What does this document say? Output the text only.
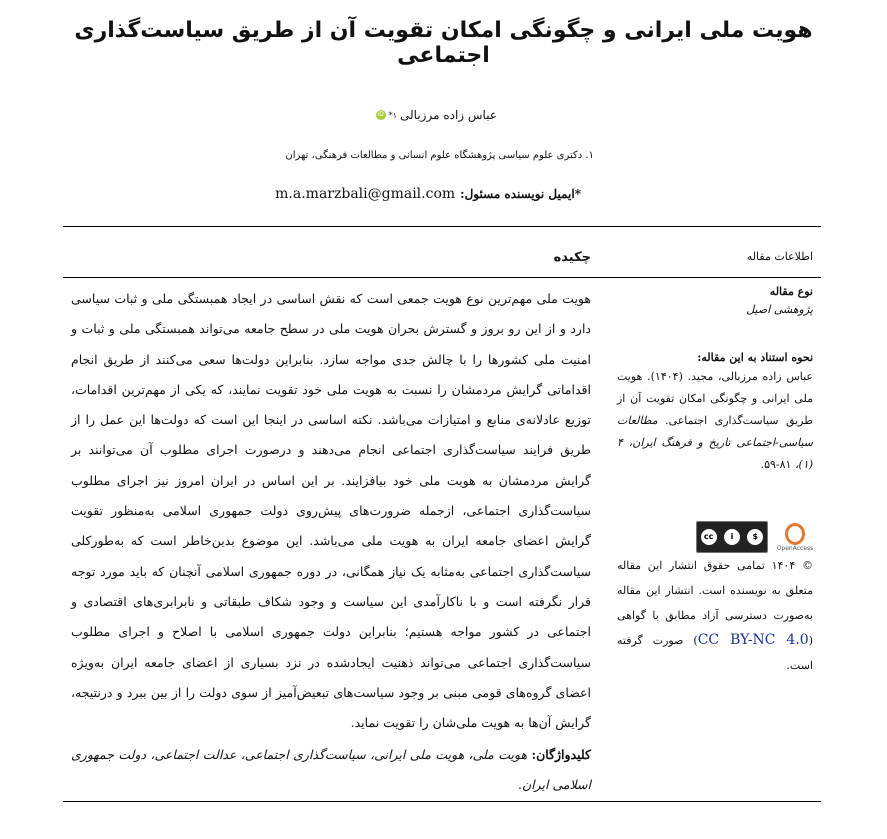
هویت ملی ایرانی و چگونگی امکان تقویت آن از طریق سیاست‌گذاری اجتماعی
عباس زاده مرزبالی
۱*
iD
۱. دکتری علوم سیاسی پژوهشگاه علوم انسانی و مطالعات فرهنگی، تهران
*ایمیل نویسنده مسئول:
m.a.marzbali@gmail.com
اطلاعات مقاله
چکیده
نوع مقاله
پژوهشی اصیل
نحوه استناد به این مقاله:
عباس زاده مرزبالی، مجید. (۱۴۰۴). هویت ملی ایرانی و چگونگی امکان تقویت آن از طریق سیاست‌گذاری اجتماعی. مطالعات سیاسی-اجتماعی تاریخ و فرهنگ ایران، ۴ (۱)، ۸۱-۵۹.
cc	i	$
OpenAccess
© ۱۴۰۴ تمامی حقوق انتشار این مقاله متعلق به نویسنده است. انتشار این مقاله به‌صورت دسترسی آزاد مطابق با گواهی (CC BY-NC 4.0) صورت گرفته است.
هویت ملی مهم‌ترین نوع هویت جمعی است که نقش اساسی در ایجاد همبستگی ملی و ثبات سیاسی دارد و از این رو بروز و گسترش بحران هویت ملی در سطح جامعه می‌تواند همبستگی ملی و ثبات و امنیت ملی کشورها را با چالش جدی مواجه سازد. بنابراین دولت‌ها سعی می‌کنند از طریق انجام اقداماتی گرایش مردمشان را نسبت به هویت ملی خود تقویت نمایند، که یکی از مهم‌ترین اقدامات، توزیع عادلانه‌ی منابع و امتیازات می‌باشد. نکته اساسی در اینجا این است که دولت‌ها این عمل را از طریق فرایند سیاست‌گذاری اجتماعی انجام می‌دهند و درصورت اجرای مطلوب آن می‌توانند بر گرایش مردمشان به هویت ملی خود بیافزایند. بر این اساس در ایران امروز نیز اجرای مطلوب سیاست‌گذاری اجتماعی، ازجمله ضرورت‌های پیش‌روی دولت جمهوری اسلامی به‌منظور تقویت گرایش اعضای جامعه ایران به هویت ملی می‌باشد. این موضوع بدین‌خاطر است که به‌طورکلی سیاست‌گذاری اجتماعی به‌مثابه یک نیاز همگانی، در دوره جمهوری اسلامی آنچنان که باید مورد توجه قرار نگرفته است و با ناکارآمدی این سیاست و وجود شکاف طبقاتی و نابرابری‌های اقتصادی و اجتماعی در کشور مواجه هستیم؛ بنابراین دولت جمهوری اسلامی با اصلاح و اجرای مطلوب سیاست‌گذاری اجتماعی می‌تواند ذهنیت ایجادشده در نزد بسیاری از اعضای جامعه ایران به‌ویژه اعضای گروه‌های قومی مبنی بر وجود سیاست‌های تبعیض‌آمیز از سوی دولت را از بین ببرد و درنتیجه، گرایش آن‌ها به هویت ملی‌شان را تقویت نماید.
کلیدواژگان: هویت ملی، هویت ملی ایرانی، سیاست‌گذاری اجتماعی، عدالت اجتماعی، دولت جمهوری اسلامی ایران.
